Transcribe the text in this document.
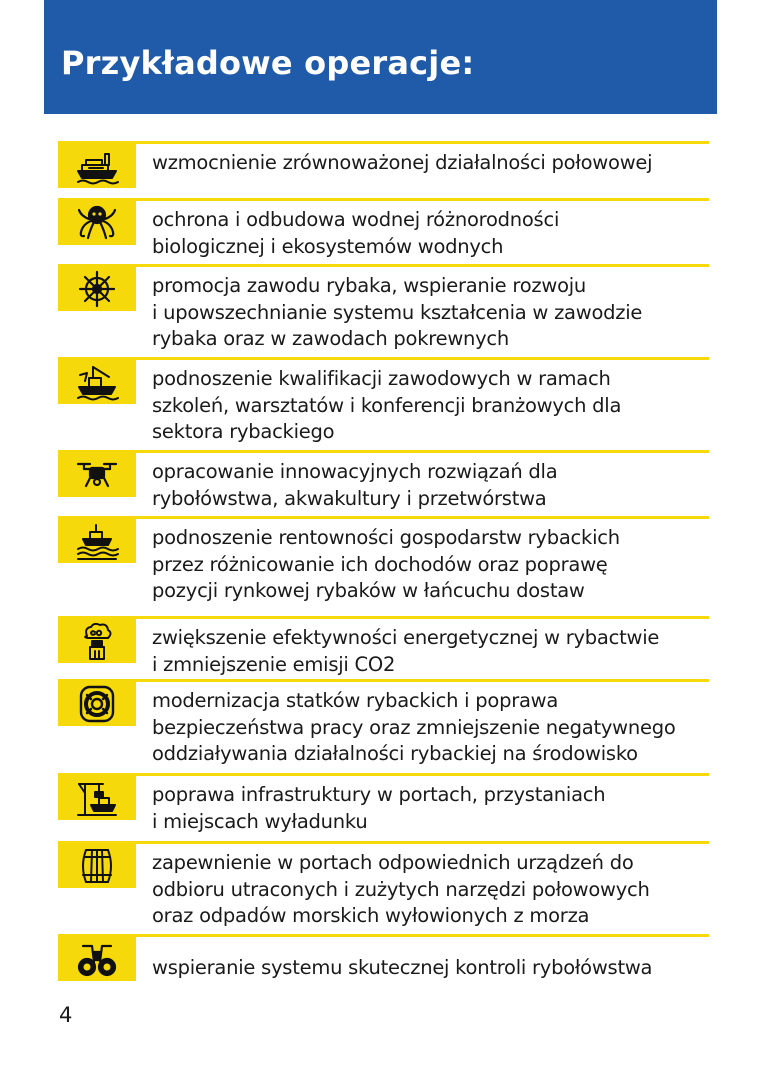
Przykładowe operacje:
wzmocnienie zrównoważonej działalności połowowej
ochrona i odbudowa wodnej różnorodności
biologicznej i ekosystemów wodnych
promocja zawodu rybaka, wspieranie rozwoju
i upowszechnianie systemu kształcenia w zawodzie
rybaka oraz w zawodach pokrewnych
podnoszenie kwalifikacji zawodowych w ramach
szkoleń, warsztatów i konferencji branżowych dla
sektora rybackiego
opracowanie innowacyjnych rozwiązań dla
rybołówstwa, akwakultury i przetwórstwa
podnoszenie rentowności gospodarstw rybackich
przez różnicowanie ich dochodów oraz poprawę
pozycji rynkowej rybaków w łańcuchu dostaw
zwiększenie efektywności energetycznej w rybactwie
i zmniejszenie emisji CO2
modernizacja statków rybackich i poprawa
bezpieczeństwa pracy oraz zmniejszenie negatywnego
oddziaływania działalności rybackiej na środowisko
poprawa infrastruktury w portach, przystaniach
i miejscach wyładunku
zapewnienie w portach odpowiednich urządzeń do
odbioru utraconych i zużytych narzędzi połowowych
oraz odpadów morskich wyłowionych z morza
wspieranie systemu skutecznej kontroli rybołówstwa
4
